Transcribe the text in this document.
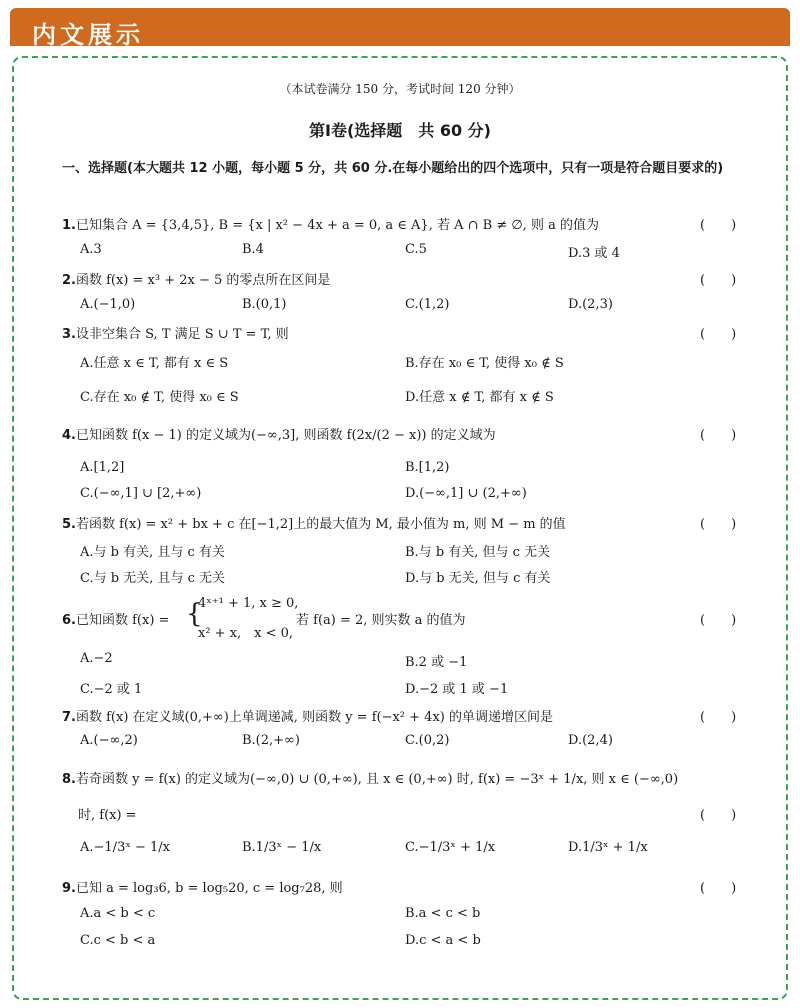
内文展示
（本试卷满分 150 分，考试时间 120 分钟）
第Ⅰ卷(选择题　共 60 分)
一、选择题(本大题共 12 小题，每小题 5 分，共 60 分.在每小题给出的四个选项中，只有一项是符合题目要求的)
1.已知集合 A = {3,4,5}, B = {x | x² − 4x + a = 0, a ∈ A}, 若 A ∩ B ≠ ∅, 则 a 的值为	(　　)
A.3	B.4	C.5	D.3 或 4
2.函数 f(x) = x³ + 2x − 5 的零点所在区间是	(　　)
A.(−1,0)	B.(0,1)	C.(1,2)	D.(2,3)
3.设非空集合 S, T 满足 S ∪ T = T, 则	(　　)
A.任意 x ∈ T, 都有 x ∈ S	B.存在 x₀ ∈ T, 使得 x₀ ∉ S
C.存在 x₀ ∉ T, 使得 x₀ ∈ S	D.任意 x ∉ T, 都有 x ∉ S
4.已知函数 f(x − 1) 的定义域为(−∞,3], 则函数 f(2x/(2 − x)) 的定义域为	(　　)
A.[1,2]	B.[1,2)
C.(−∞,1] ∪ [2,+∞)	D.(−∞,1] ∪ (2,+∞)
5.若函数 f(x) = x² + bx + c 在[−1,2]上的最大值为 M, 最小值为 m, 则 M − m 的值	(　　)
A.与 b 有关, 且与 c 有关	B.与 b 有关, 但与 c 无关
C.与 b 无关, 且与 c 无关	D.与 b 无关, 但与 c 有关
6.已知函数 f(x) = {
4ˣ⁺¹ + 1, x ≥ 0,
x² + x,　x < 0,
若 f(a) = 2, 则实数 a 的值为	(　　)
A.−2	B.2 或 −1
C.−2 或 1	D.−2 或 1 或 −1
7.函数 f(x) 在定义域(0,+∞)上单调递减, 则函数 y = f(−x² + 4x) 的单调递增区间是	(　　)
A.(−∞,2)	B.(2,+∞)	C.(0,2)	D.(2,4)
8.若奇函数 y = f(x) 的定义域为(−∞,0) ∪ (0,+∞), 且 x ∈ (0,+∞) 时, f(x) = −3ˣ + 1/x, 则 x ∈ (−∞,0)
时, f(x) =	(　　)
A.−1/3ˣ − 1/x	B.1/3ˣ − 1/x	C.−1/3ˣ + 1/x	D.1/3ˣ + 1/x
9.已知 a = log₃6, b = log₅20, c = log₇28, 则	(　　)
A.a < b < c	B.a < c < b
C.c < b < a	D.c < a < b
